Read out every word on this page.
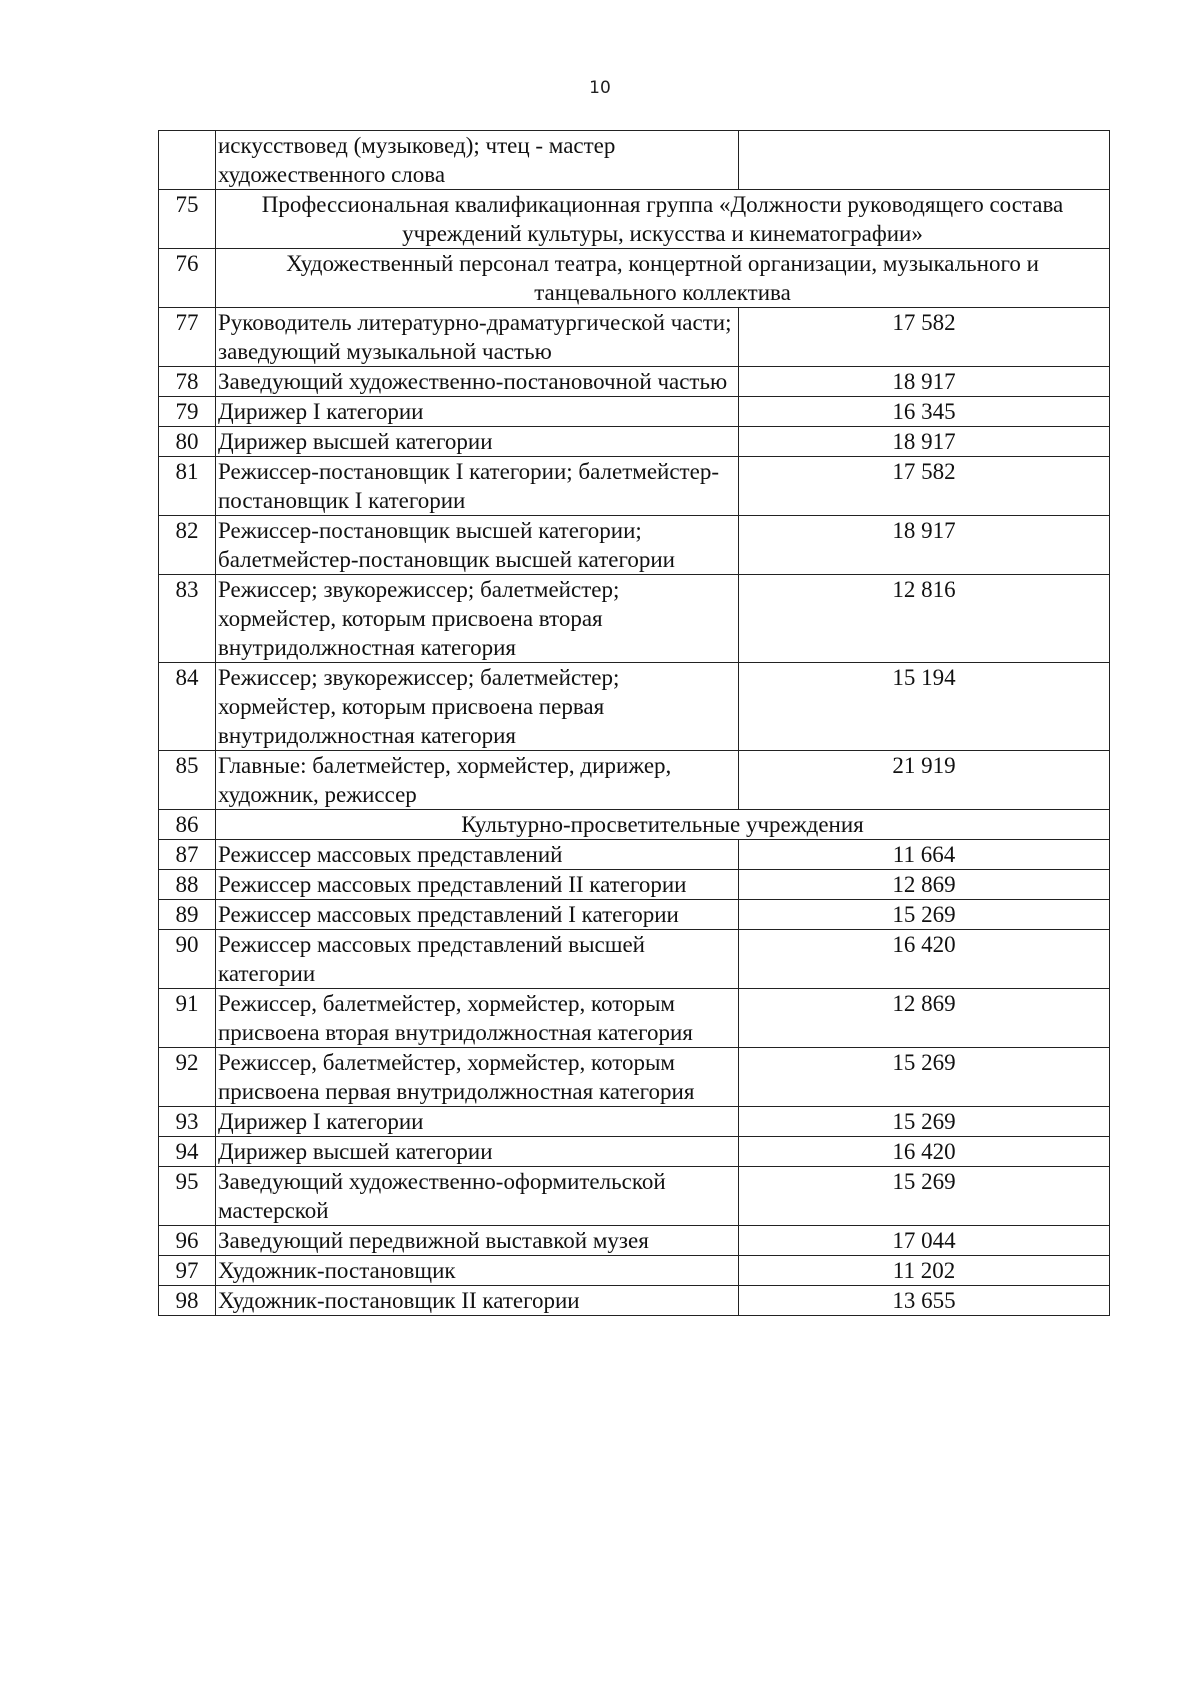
10
	искусствовед (музыковед); чтец - мастер художественного слова	
75	Профессиональная квалификационная группа «Должности руководящего состава учреждений культуры, искусства и кинематографии»	
76	Художественный персонал театра, концертной организации, музыкального и танцевального коллектива	
77	Руководитель литературно-драматургической части; заведующий музыкальной частью	17 582
78	Заведующий художественно-постановочной частью	18 917
79	Дирижер I категории	16 345
80	Дирижер высшей категории	18 917
81	Режиссер-постановщик I категории; балетмейстер-постановщик I категории	17 582
82	Режиссер-постановщик высшей категории; балетмейстер-постановщик высшей категории	18 917
83	Режиссер; звукорежиссер; балетмейстер; хормейстер, которым присвоена вторая внутридолжностная категория	12 816
84	Режиссер; звукорежиссер; балетмейстер; хормейстер, которым присвоена первая внутридолжностная категория	15 194
85	Главные: балетмейстер, хормейстер, дирижер, художник, режиссер	21 919
86	Культурно-просветительные учреждения	
87	Режиссер массовых представлений	11 664
88	Режиссер массовых представлений II категории	12 869
89	Режиссер массовых представлений I категории	15 269
90	Режиссер массовых представлений высшей категории	16 420
91	Режиссер, балетмейстер, хормейстер, которым присвоена вторая внутридолжностная категория	12 869
92	Режиссер, балетмейстер, хормейстер, которым присвоена первая внутридолжностная категория	15 269
93	Дирижер I категории	15 269
94	Дирижер высшей категории	16 420
95	Заведующий художественно-оформительской мастерской	15 269
96	Заведующий передвижной выставкой музея	17 044
97	Художник-постановщик	11 202
98	Художник-постановщик II категории	13 655
